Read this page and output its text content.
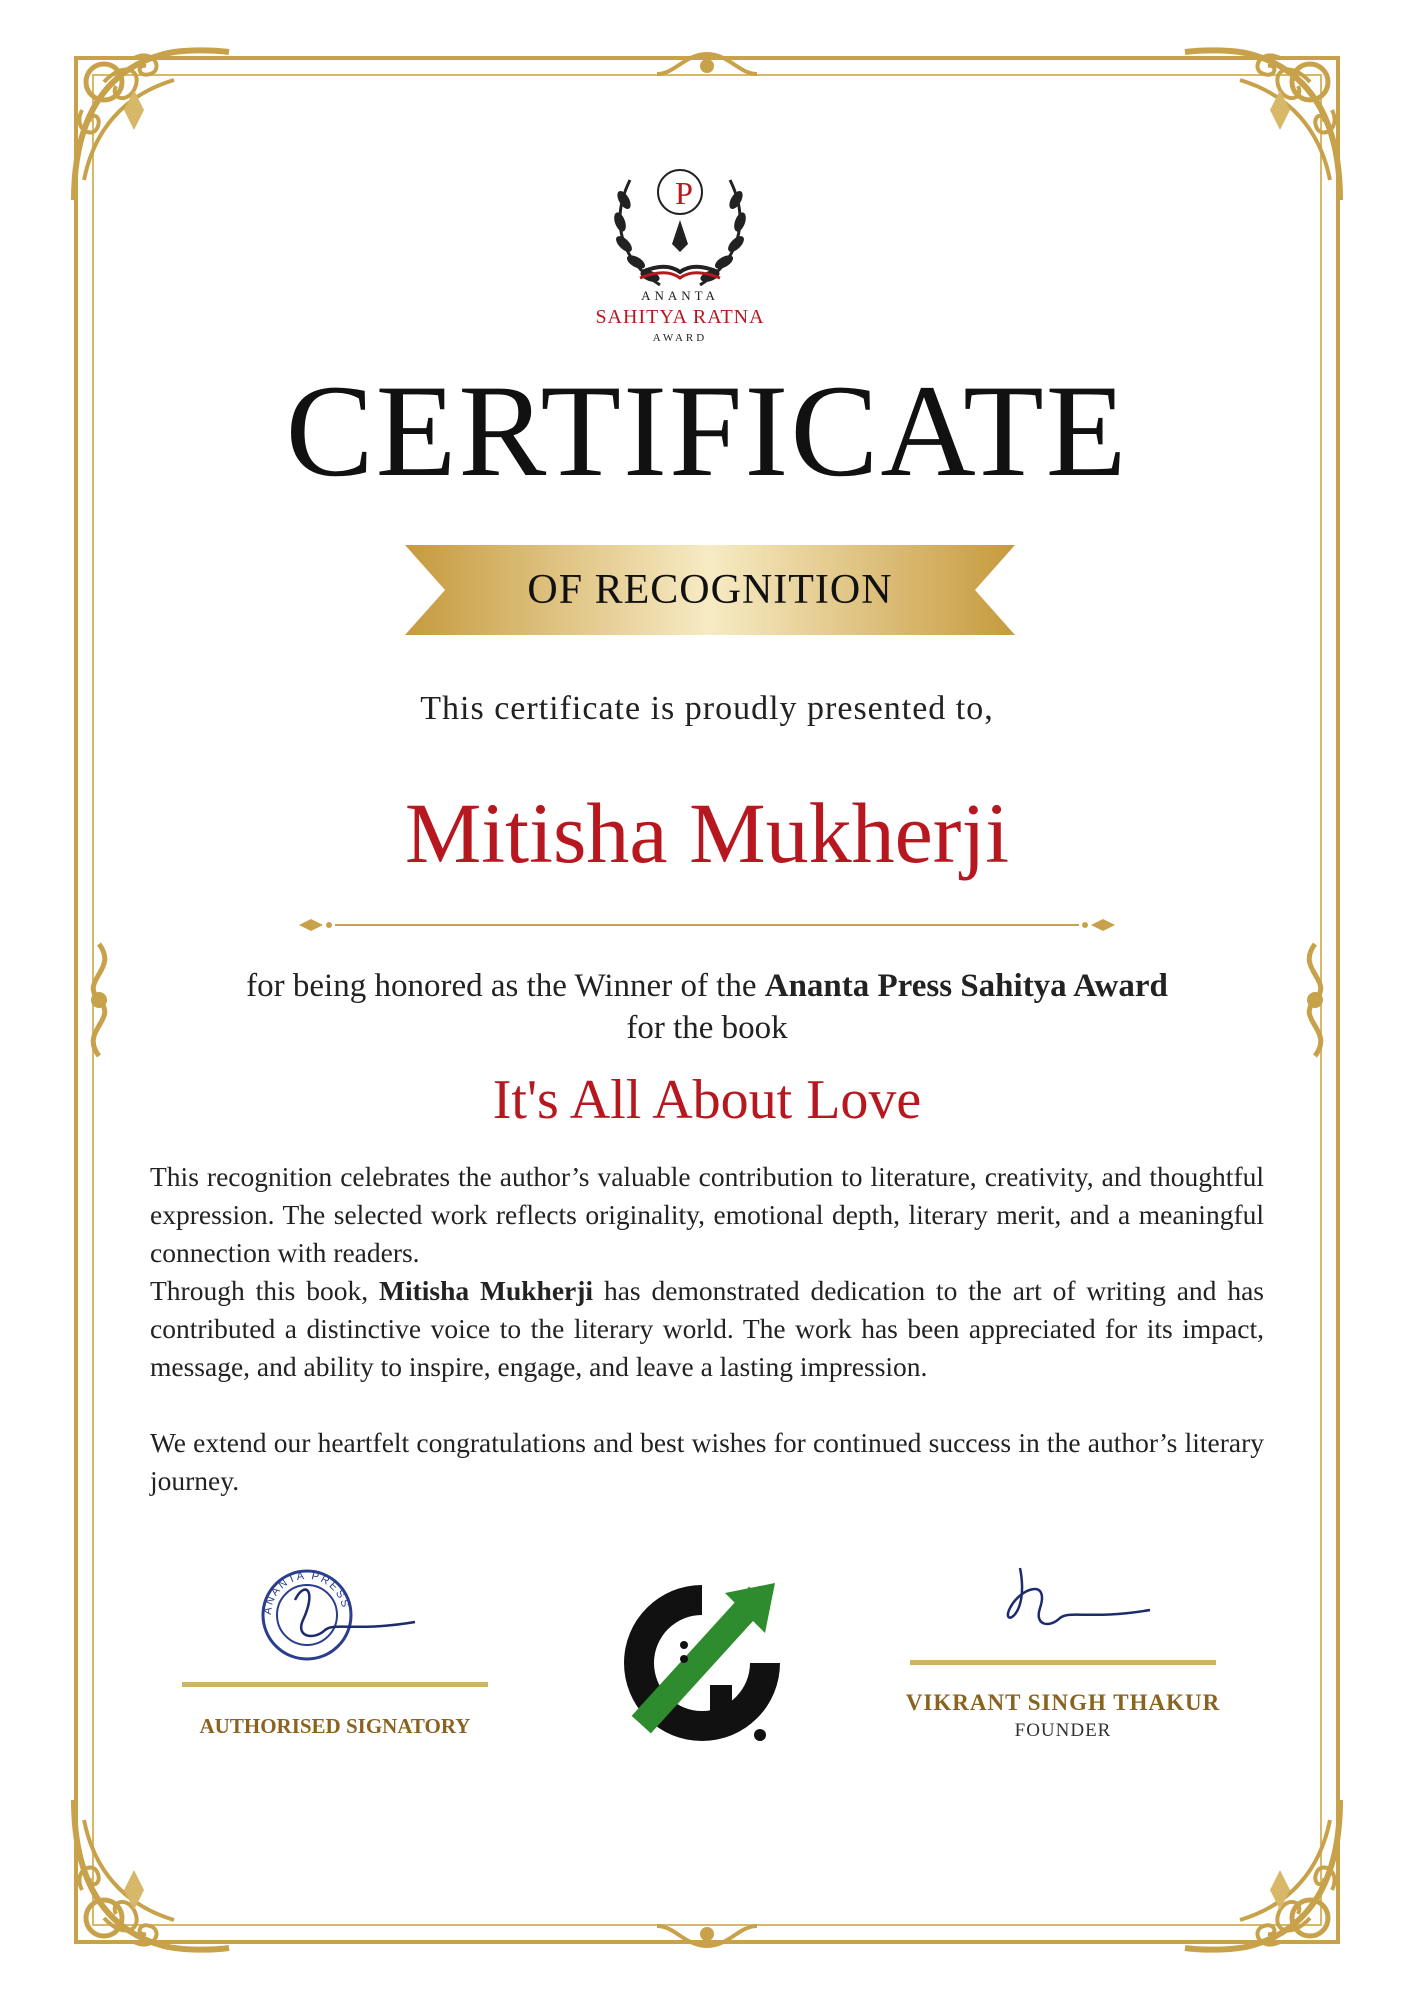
P
ANANTA
SAHITYA RATNA
AWARD
CERTIFICATE
OF RECOGNITION
This certificate is proudly presented to,
Mitisha Mukherji
for being honored as the Winner of the Ananta Press Sahitya Award
for the book
It's All About Love

This recognition celebrates the author’s valuable contribution to literature, creativity, and thoughtful expression. The selected work reflects originality, emotional depth, literary merit, and a meaningful connection with readers.

Through this book, Mitisha Mukherji has demonstrated dedication to the art of writing and has contributed a distinctive voice to the literary world. The work has been appreciated for its impact, message, and ability to inspire, engage, and leave a lasting impression.

We extend our heartfelt congratulations and best wishes for continued success in the author’s literary journey.

ANANTA PRESS
AUTHORISED SIGNATORY
VIKRANT SINGH THAKUR
FOUNDER
